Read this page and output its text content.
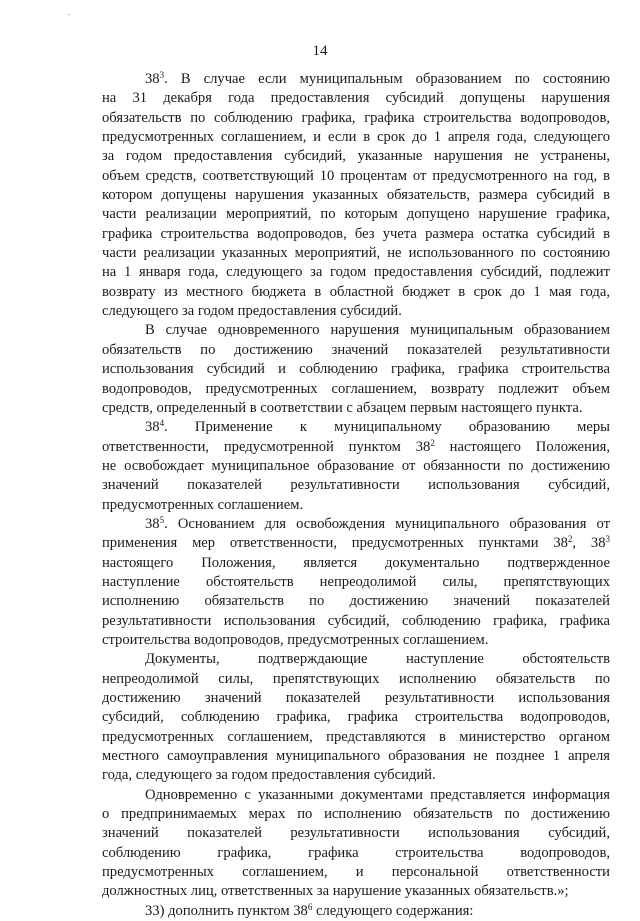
14
$38^3$. В случае если муниципальным образованием по состоянию
на 31 декабря года предоставления субсидий допущены нарушения
обязательств по соблюдению графика, графика строительства водопроводов,
предусмотренных соглашением, и если в срок до 1 апреля года, следующего
за годом предоставления субсидий, указанные нарушения не устранены,
объем средств, соответствующий 10 процентам от предусмотренного на год, в
котором допущены нарушения указанных обязательств, размера субсидий в
части реализации мероприятий, по которым допущено нарушение графика,
графика строительства водопроводов, без учета размера остатка субсидий в
части реализации указанных мероприятий, не использованного по состоянию
на 1 января года, следующего за годом предоставления субсидий, подлежит
возврату из местного бюджета в областной бюджет в срок до 1 мая года,
следующего за годом предоставления субсидий.
В случае одновременного нарушения муниципальным образованием
обязательств по достижению значений показателей результативности
использования субсидий и соблюдению графика, графика строительства
водопроводов, предусмотренных соглашением, возврату подлежит объем
средств, определенный в соответствии с абзацем первым настоящего пункта.
$38^4$. Применение к муниципальному образованию меры
ответственности, предусмотренной пунктом $38^2$ настоящего Положения,
не освобождает муниципальное образование от обязанности по достижению
значений показателей результативности использования субсидий,
предусмотренных соглашением.
$38^5$. Основанием для освобождения муниципального образования от
применения мер ответственности, предусмотренных пунктами $38^2$, $38^3$
настоящего Положения, является документально подтвержденное
наступление обстоятельств непреодолимой силы, препятствующих
исполнению обязательств по достижению значений показателей
результативности использования субсидий, соблюдению графика, графика
строительства водопроводов, предусмотренных соглашением.
Документы, подтверждающие наступление обстоятельств
непреодолимой силы, препятствующих исполнению обязательств по
достижению значений показателей результативности использования
субсидий, соблюдению графика, графика строительства водопроводов,
предусмотренных соглашением, представляются в министерство органом
местного самоуправления муниципального образования не позднее 1 апреля
года, следующего за годом предоставления субсидий.
Одновременно с указанными документами представляется информация
о предпринимаемых мерах по исполнению обязательств по достижению
значений показателей результативности использования субсидий,
соблюдению графика, графика строительства водопроводов,
предусмотренных соглашением, и персональной ответственности
должностных лиц, ответственных за нарушение указанных обязательств.»;
33) дополнить пунктом $38^6$ следующего содержания:
